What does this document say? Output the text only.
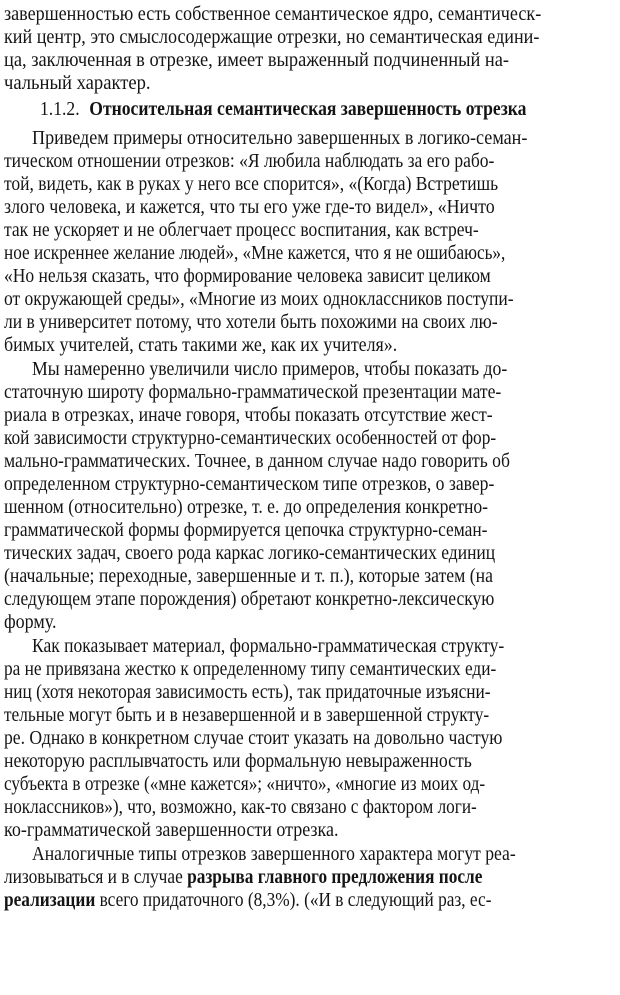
завершенностью есть собственное семантическое ядро, семантическ-
кий центр, это смыслосодержащие отрезки, но семантическая едини-
ца, заключенная в отрезке, имеет выраженный подчиненный на-
чальный характер.
1.1.2. Относительная семантическая завершенность отрезка
Приведем примеры относительно завершенных в логико-семан-
тическом отношении отрезков: «Я любила наблюдать за его рабо-
той, видеть, как в руках у него все спорится», «(Когда) Встретишь
злого человека, и кажется, что ты его уже где-то видел», «Ничто
так не ускоряет и не облегчает процесс воспитания, как встреч-
ное искреннее желание людей», «Мне кажется, что я не ошибаюсь»,
«Но нельзя сказать, что формирование человека зависит целиком
от окружающей среды», «Многие из моих одноклассников поступи-
ли в университет потому, что хотели быть похожими на своих лю-
бимых учителей, стать такими же, как их учителя».
Мы намеренно увеличили число примеров, чтобы показать до-
статочную широту формально-грамматической презентации мате-
риала в отрезках, иначе говоря, чтобы показать отсутствие жест-
кой зависимости структурно-семантических особенностей от фор-
мально-грамматических. Точнее, в данном случае надо говорить об
определенном структурно-семантическом типе отрезков, о завер-
шенном (относительно) отрезке, т. е. до определения конкретно-
грамматической формы формируется цепочка структурно-семан-
тических задач, своего рода каркас логико-семантических единиц
(начальные; переходные, завершенные и т. п.), которые затем (на
следующем этапе порождения) обретают конкретно-лексическую
форму.
Как показывает материал, формально-грамматическая структу-
ра не привязана жестко к определенному типу семантических еди-
ниц (хотя некоторая зависимость есть), так придаточные изъясни-
тельные могут быть и в незавершенной и в завершенной структу-
ре. Однако в конкретном случае стоит указать на довольно частую
некоторую расплывчатость или формальную невыраженность
субъекта в отрезке («мне кажется»; «ничто», «многие из моих од-
ноклассников»), что, возможно, как-то связано с фактором логи-
ко-грамматической завершенности отрезка.
Аналогичные типы отрезков завершенного характера могут реа-
лизовываться и в случае разрыва главного предложения после
реализации всего придаточного (8,3%). («И в следующий раз, ес-
